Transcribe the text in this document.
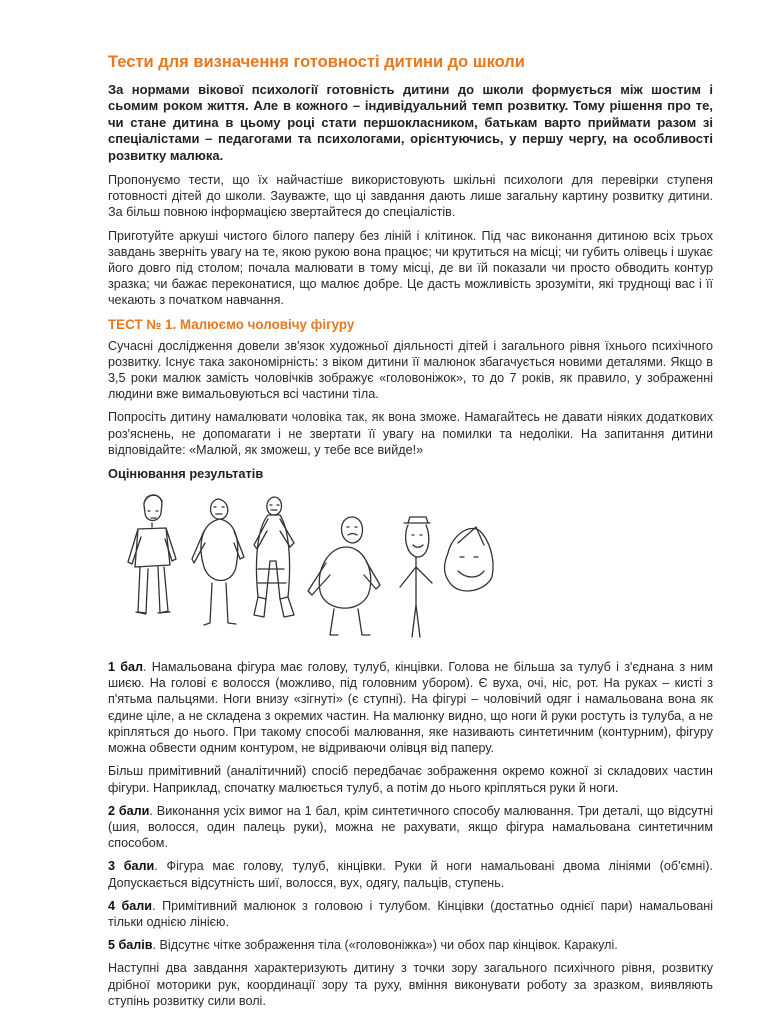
Тести для визначення готовності дитини до школи

За нормами вікової психології готовність дитини до школи формується між шостим і сьомим роком життя. Але в кожного – індивідуальний темп розвитку. Тому рішення про те, чи стане дитина в цьому році стати першокласником, батькам варто приймати разом зі спеціалістами – педагогами та психологами, орієнтуючись, у першу чергу, на особливості розвитку малюка.

Пропонуємо тести, що їх найчастіше використовують шкільні психологи для перевірки ступеня готовності дітей до школи. Зауважте, що ці завдання дають лише загальну картину розвитку дитини. За більш повною інформацією звертайтеся до спеціалістів.

Приготуйте аркуші чистого білого паперу без ліній і клітинок. Під час виконання дитиною всіх трьох завдань зверніть увагу на те, якою рукою вона працює; чи крутиться на місці; чи губить олівець і шукає його довго під столом; почала малювати в тому місці, де ви їй показали чи просто обводить контур зразка; чи бажає переконатися, що малює добре. Це дасть можливість зрозуміти, які труднощі вас і її чекають з початком навчання.

ТЕСТ № 1. Малюємо чоловічу фігуру

Сучасні дослідження довели зв'язок художньої діяльності дітей і загального рівня їхнього психічного розвитку. Існує така закономірність: з віком дитини її малюнок збагачується новими деталями. Якщо в 3,5 роки малюк замість чоловічків зображує «головоніжок», то до 7 років, як правило, у зображенні людини вже вимальовуються всі частини тіла.

Попросіть дитину намалювати чоловіка так, як вона зможе. Намагайтесь не давати ніяких додаткових роз'яснень, не допомагати і не звертати її увагу на помилки та недоліки. На запитання дитини відповідайте: «Малюй, як зможеш, у тебе все вийде!»

Оцінювання результатів

1 бал. Намальована фігура має голову, тулуб, кінцівки. Голова не більша за тулуб і з'єднана з ним шиєю. На голові є волосся (можливо, під головним убором). Є вуха, очі, ніс, рот. На руках – кисті з п'ятьма пальцями. Ноги внизу «зігнуті» (є ступні). На фігурі – чоловічий одяг і намальована вона як єдине ціле, а не складена з окремих частин. На малюнку видно, що ноги й руки ростуть із тулуба, а не кріпляться до нього. При такому способі малювання, яке називають синтетичним (контурним), фігуру можна обвести одним контуром, не відриваючи олівця від паперу.

Більш примітивний (аналітичний) спосіб передбачає зображення окремо кожної зі складових частин фігури. Наприклад, спочатку малюється тулуб, а потім до нього кріпляться руки й ноги.

2 бали. Виконання усіх вимог на 1 бал, крім синтетичного способу малювання. Три деталі, що відсутні (шия, волосся, один палець руки), можна не рахувати, якщо фігура намальована синтетичним способом.

3 бали. Фігура має голову, тулуб, кінцівки. Руки й ноги намальовані двома лініями (об'ємні). Допускається відсутність шиї, волосся, вух, одягу, пальців, ступень.

4 бали. Примітивний малюнок з головою і тулубом. Кінцівки (достатньо однієї пари) намальовані тільки однією лінією.

5 балів. Відсутнє чітке зображення тіла («головоніжка») чи обох пар кінцівок. Каракулі.

Наступні два завдання характеризують дитину з точки зору загального психічного рівня, розвитку дрібної моторики рук, координації зору та руху, вміння виконувати роботу за зразком, виявляють ступінь розвитку сили волі.
